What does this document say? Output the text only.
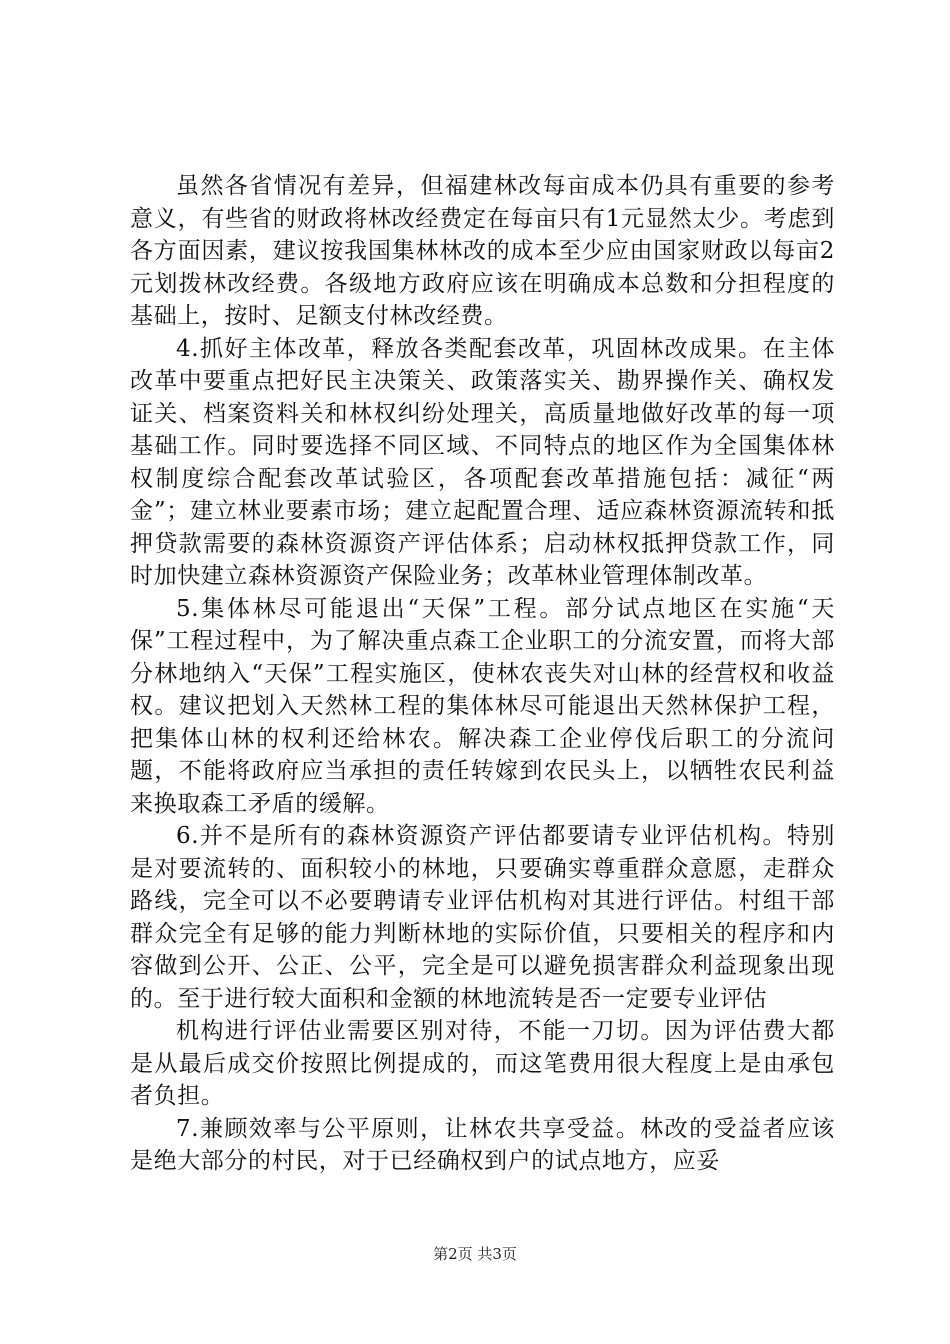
虽然各省情况有差异，但福建林改每亩成本仍具有重要的参考意义，有些省的财政将林改经费定在每亩只有1元显然太少。考虑到各方面因素，建议按我国集林林改的成本至少应由国家财政以每亩2元划拨林改经费。各级地方政府应该在明确成本总数和分担程度的基础上，按时、足额支付林改经费。

4.抓好主体改革，释放各类配套改革，巩固林改成果。在主体改革中要重点把好民主决策关、政策落实关、勘界操作关、确权发证关、档案资料关和林权纠纷处理关，高质量地做好改革的每一项基础工作。同时要选择不同区域、不同特点的地区作为全国集体林权制度综合配套改革试验区，各项配套改革措施包括：减征“两金”；建立林业要素市场；建立起配置合理、适应森林资源流转和抵押贷款需要的森林资源资产评估体系；启动林权抵押贷款工作，同时加快建立森林资源资产保险业务；改革林业管理体制改革。

5.集体林尽可能退出“天保”工程。部分试点地区在实施“天保”工程过程中，为了解决重点森工企业职工的分流安置，而将大部分林地纳入“天保”工程实施区，使林农丧失对山林的经营权和收益权。建议把划入天然林工程的集体林尽可能退出天然林保护工程，把集体山林的权利还给林农。解决森工企业停伐后职工的分流问题，不能将政府应当承担的责任转嫁到农民头上，以牺牲农民利益来换取森工矛盾的缓解。

6.并不是所有的森林资源资产评估都要请专业评估机构。特别是对要流转的、面积较小的林地，只要确实尊重群众意愿，走群众路线，完全可以不必要聘请专业评估机构对其进行评估。村组干部群众完全有足够的能力判断林地的实际价值，只要相关的程序和内容做到公开、公正、公平，完全是可以避免损害群众利益现象出现的。至于进行较大面积和金额的林地流转是否一定要专业评估

机构进行评估业需要区别对待，不能一刀切。因为评估费大都是从最后成交价按照比例提成的，而这笔费用很大程度上是由承包者负担。

7.兼顾效率与公平原则，让林农共享受益。林改的受益者应该是绝大部分的村民，对于已经确权到户的试点地方，应妥

第2页 共3页
